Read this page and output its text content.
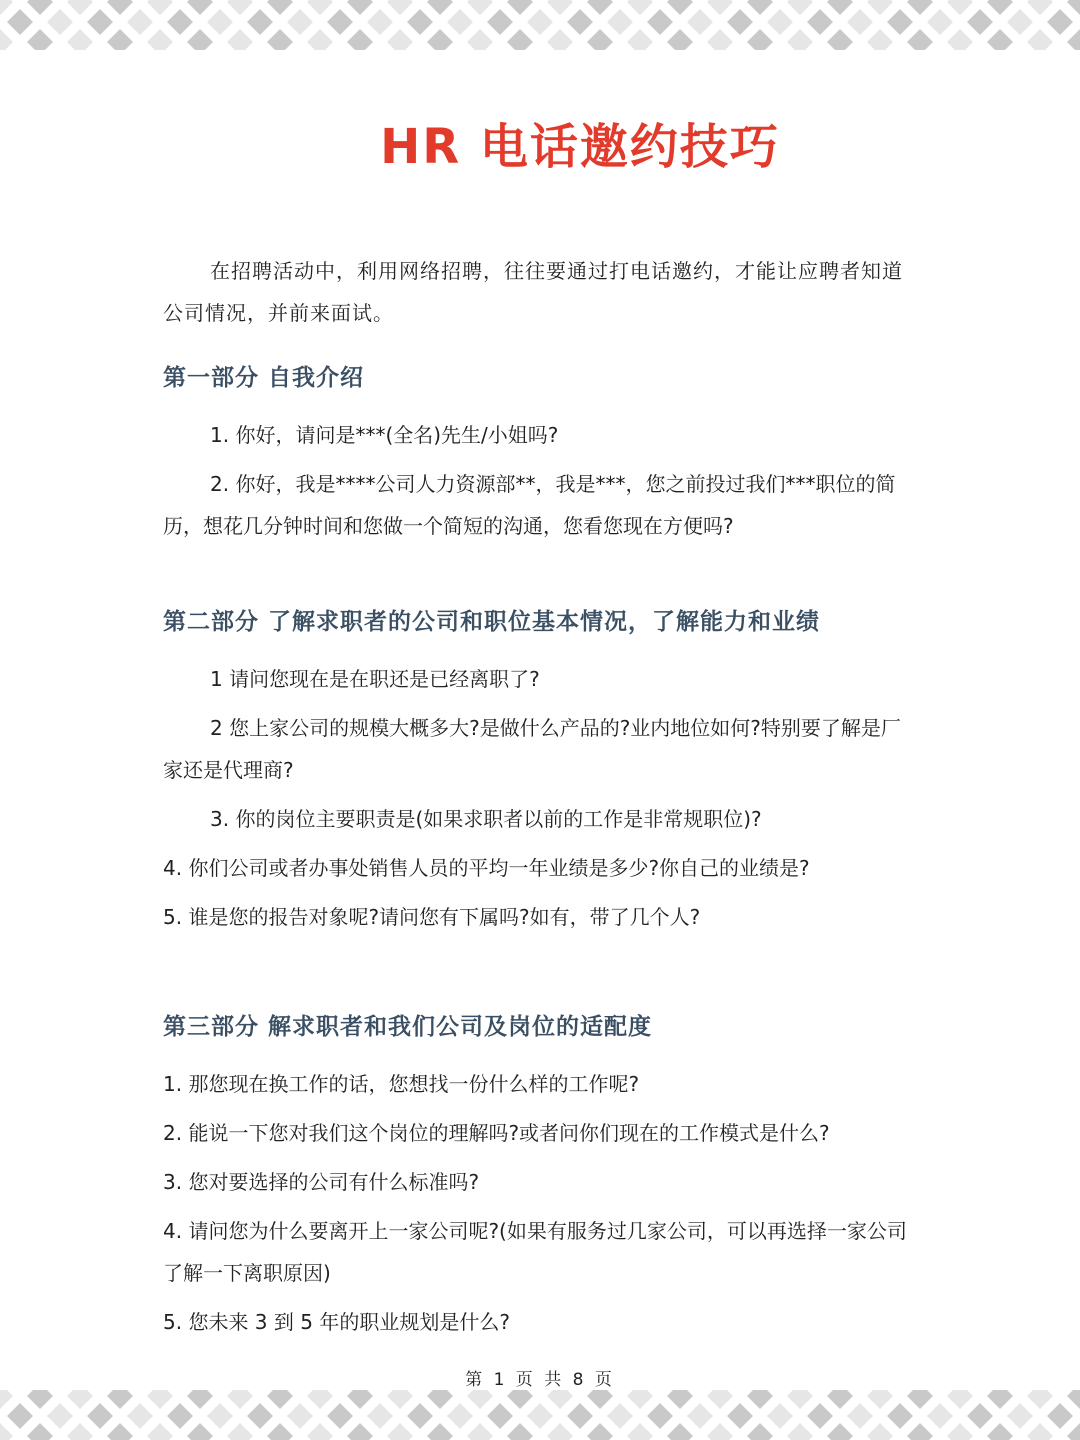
HR 电话邀约技巧

在招聘活动中，利用网络招聘，往往要通过打电话邀约，才能让应聘者知道公司情况，并前来面试。

第一部分 自我介绍

1. 你好，请问是***(全名)先生/小姐吗?

2. 你好，我是****公司人力资源部**，我是***，您之前投过我们***职位的简历，想花几分钟时间和您做一个简短的沟通，您看您现在方便吗?

第二部分 了解求职者的公司和职位基本情况，了解能力和业绩

1 请问您现在是在职还是已经离职了?

2 您上家公司的规模大概多大?是做什么产品的?业内地位如何?特别要了解是厂家还是代理商?

3. 你的岗位主要职责是(如果求职者以前的工作是非常规职位)?

4. 你们公司或者办事处销售人员的平均一年业绩是多少?你自己的业绩是?

5. 谁是您的报告对象呢?请问您有下属吗?如有，带了几个人?

第三部分 解求职者和我们公司及岗位的适配度

1. 那您现在换工作的话，您想找一份什么样的工作呢?

2. 能说一下您对我们这个岗位的理解吗?或者问你们现在的工作模式是什么?

3. 您对要选择的公司有什么标准吗?

4. 请问您为什么要离开上一家公司呢?(如果有服务过几家公司，可以再选择一家公司了解一下离职原因)

5. 您未来 3 到 5 年的职业规划是什么?

第 1 页 共 8 页
